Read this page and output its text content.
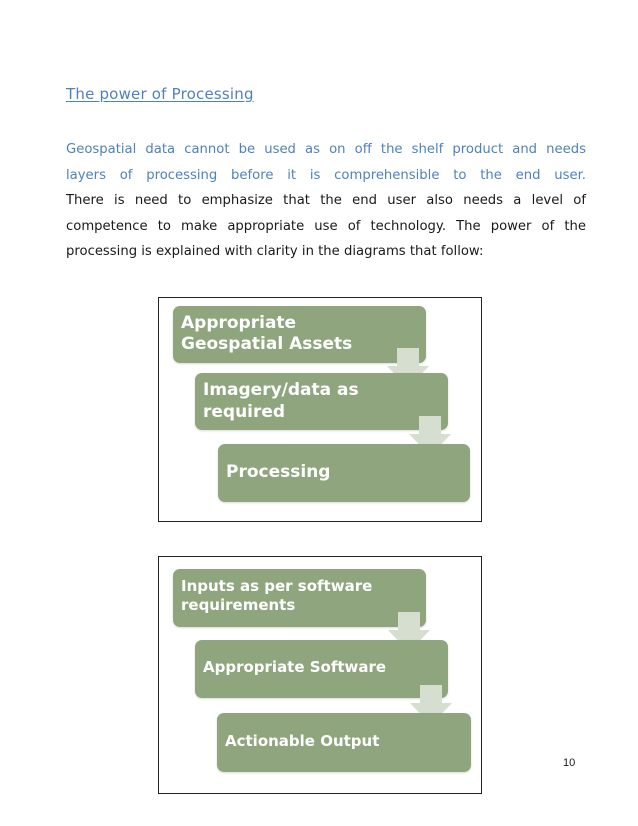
The power of Processing
Geospatial data cannot be used as on off the shelf product and needs
layers of processing before it is comprehensible to the end user.
There is need to emphasize that the end user also needs a level of
competence to make appropriate use of technology. The power of the
processing is explained with clarity in the diagrams that follow:
Appropriate
Geospatial Assets
Imagery/data as
required
Processing
Inputs as per software
requirements
Appropriate Software
Actionable Output
10
